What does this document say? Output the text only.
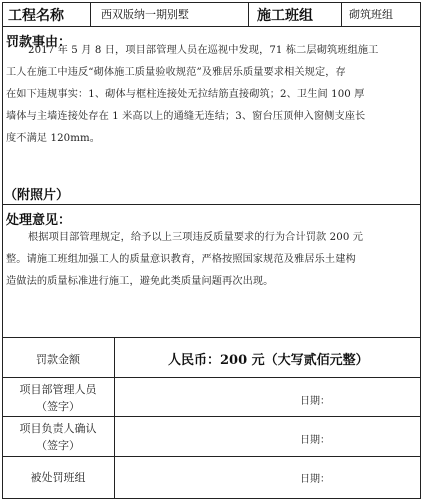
工程名称	西双版纳一期别墅	施工班组	砌筑班组
罚款事由：
2017 年 5 月 8 日，项目部管理人员在巡视中发现，71 栋二层砌筑班组施工
工人在施工中违反“砌体施工质量验收规范”及雅居乐质量要求相关规定，存
在如下违规事实：1、砌体与框柱连接处无拉结筋直接砌筑；2、卫生间 100 厚
墙体与主墙连接处存在 1 米高以上的通缝无连结；3、窗台压顶伸入窗侧支座长
度不满足 120mm。
（附照片）
处理意见：
根据项目部管理规定，给予以上三项违反质量要求的行为合计罚款 200 元
整。请施工班组加强工人的质量意识教育，严格按照国家规范及雅居乐土建构
造做法的质量标准进行施工，避免此类质量问题再次出现。
罚款金额	人民币：200 元（大写贰佰元整）
项目部管理人员
（签字）	日期：
项目负责人确认
（签字）	日期：
被处罚班组	日期：
